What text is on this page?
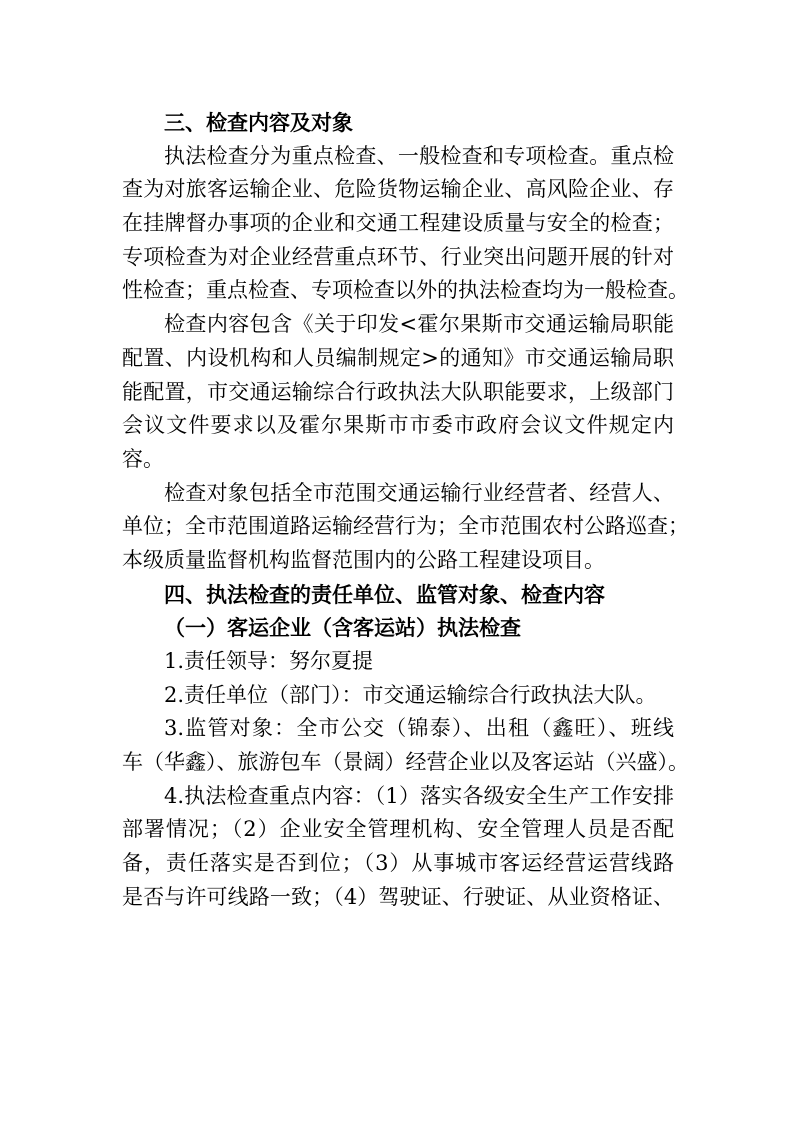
三、检查内容及对象
执法检查分为重点检查、一般检查和专项检查。重点检
查为对旅客运输企业、危险货物运输企业、高风险企业、存
在挂牌督办事项的企业和交通工程建设质量与安全的检查；
专项检查为对企业经营重点环节、行业突出问题开展的针对
性检查；重点检查、专项检查以外的执法检查均为一般检查。
检查内容包含《关于印发<霍尔果斯市交通运输局职能
配置、内设机构和人员编制规定>的通知》市交通运输局职
能配置，市交通运输综合行政执法大队职能要求，上级部门
会议文件要求以及霍尔果斯市市委市政府会议文件规定内
容。
检查对象包括全市范围交通运输行业经营者、经营人、
单位；全市范围道路运输经营行为；全市范围农村公路巡查；
本级质量监督机构监督范围内的公路工程建设项目。
四、执法检查的责任单位、监管对象、检查内容
（一）客运企业（含客运站）执法检查
1.责任领导：努尔夏提
2.责任单位（部门）：市交通运输综合行政执法大队。
3.监管对象：全市公交（锦泰）、出租（鑫旺）、班线
车（华鑫）、旅游包车（景阔）经营企业以及客运站（兴盛）。
4.执法检查重点内容：（1）落实各级安全生产工作安排
部署情况；（2）企业安全管理机构、安全管理人员是否配
备，责任落实是否到位；（3）从事城市客运经营运营线路
是否与许可线路一致；（4）驾驶证、行驶证、从业资格证、
